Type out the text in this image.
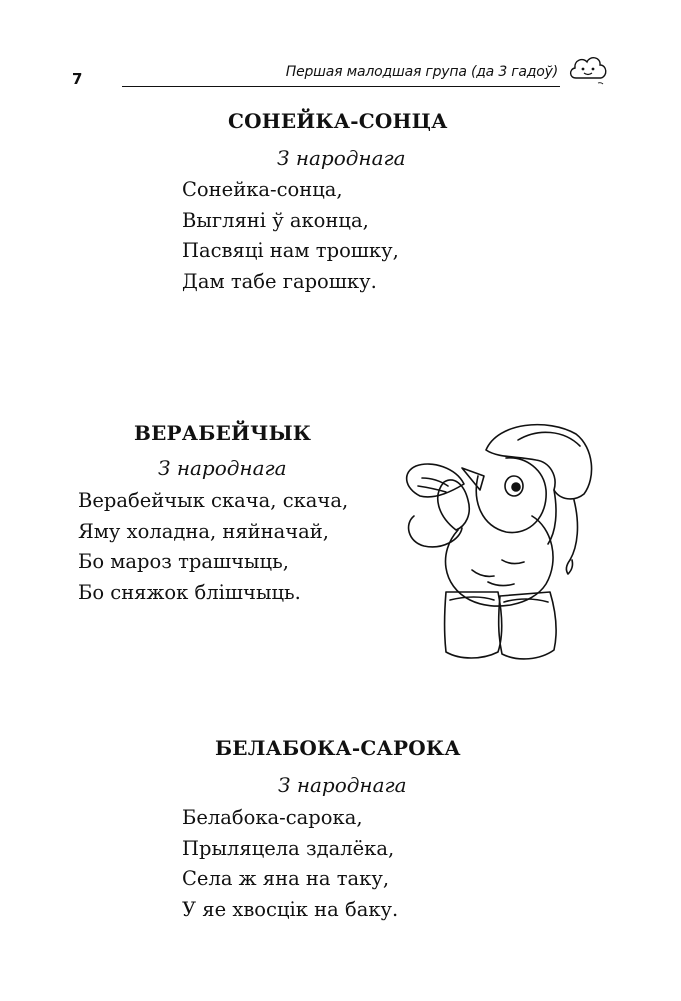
7	Першая малодшая група (да 3 гадоў)
СОНЕЙКА-СОНЦА

З народнага

Сонейка-сонца,
Выглянi ў аконца,
Пасвяцi нам трошку,
Дам табе гарошку.
ВЕРАБЕЙЧЫК

З народнага

Верабейчык скача, скача,
Яму холадна, няйначай,
Бо мароз трашчыць,
Бо сняжок блiшчыць.
БЕЛАБОКА-САРОКА

З народнага

Белабока-сарока,
Прыляцела здалёка,
Села ж яна на таку,
У яе хвосцiк на баку.
